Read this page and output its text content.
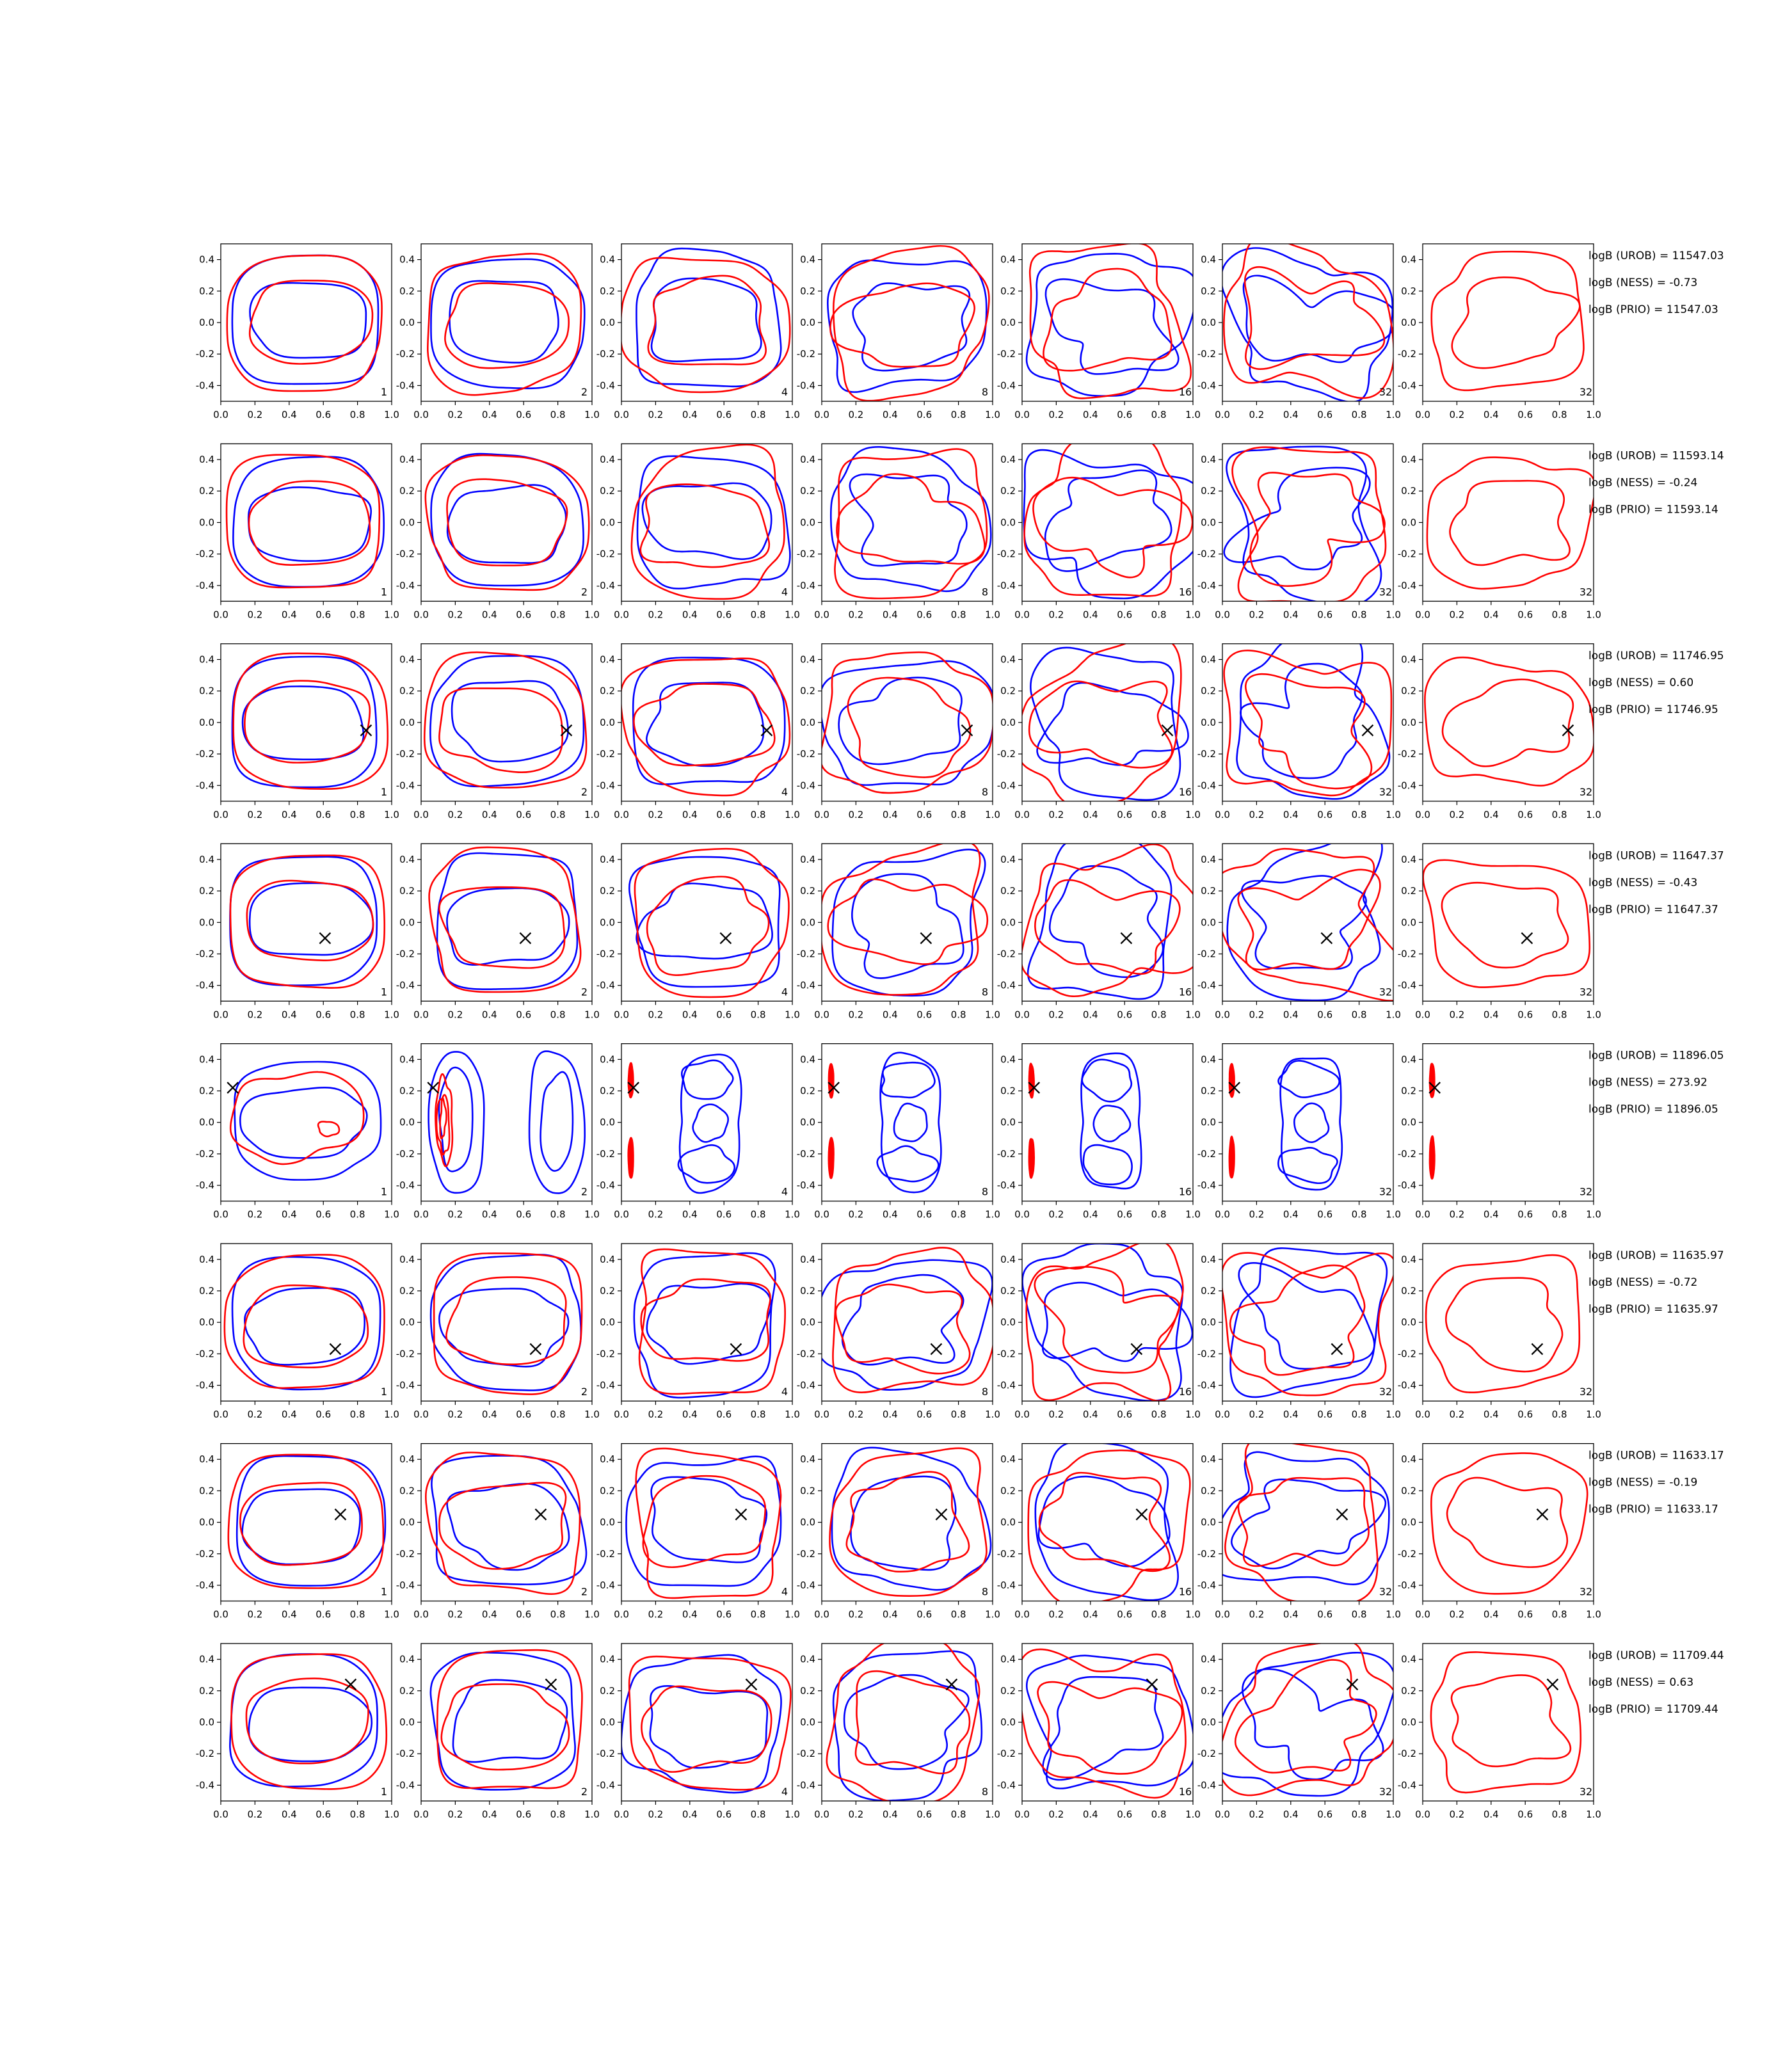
0.0 0.2 0.4 0.6 0.8 1.0
0.4
0.2
0.0
-0.2
-0.4
1
0.0 0.2 0.4 0.6 0.8 1.0
0.4
0.2
0.0
-0.2
-0.4
2
0.0 0.2 0.4 0.6 0.8 1.0
0.4
0.2
0.0
-0.2
-0.4
4
0.0 0.2 0.4 0.6 0.8 1.0
0.4
0.2
0.0
-0.2
-0.4
8
0.0 0.2 0.4 0.6 0.8 1.0
0.4
0.2
0.0
-0.2
-0.4
16
0.0 0.2 0.4 0.6 0.8 1.0
0.4
0.2
0.0
-0.2
-0.4
32
0.0 0.2 0.4 0.6 0.8 1.0
0.4
0.2
0.0
-0.2
-0.4
32
logB (UROB) = 11547.03
logB (NESS) = -0.73
logB (PRIO) = 11547.03
0.0 0.2 0.4 0.6 0.8 1.0
0.4
0.2
0.0
-0.2
-0.4
1
0.0 0.2 0.4 0.6 0.8 1.0
0.4
0.2
0.0
-0.2
-0.4
2
0.0 0.2 0.4 0.6 0.8 1.0
0.4
0.2
0.0
-0.2
-0.4
4
0.0 0.2 0.4 0.6 0.8 1.0
0.4
0.2
0.0
-0.2
-0.4
8
0.0 0.2 0.4 0.6 0.8 1.0
0.4
0.2
0.0
-0.2
-0.4
16
0.0 0.2 0.4 0.6 0.8 1.0
0.4
0.2
0.0
-0.2
-0.4
32
0.0 0.2 0.4 0.6 0.8 1.0
0.4
0.2
0.0
-0.2
-0.4
32
logB (UROB) = 11593.14
logB (NESS) = -0.24
logB (PRIO) = 11593.14
0.0 0.2 0.4 0.6 0.8 1.0
0.4
0.2
0.0
-0.2
-0.4
1
0.0 0.2 0.4 0.6 0.8 1.0
0.4
0.2
0.0
-0.2
-0.4
2
0.0 0.2 0.4 0.6 0.8 1.0
0.4
0.2
0.0
-0.2
-0.4
4
0.0 0.2 0.4 0.6 0.8 1.0
0.4
0.2
0.0
-0.2
-0.4
8
0.0 0.2 0.4 0.6 0.8 1.0
0.4
0.2
0.0
-0.2
-0.4
16
0.0 0.2 0.4 0.6 0.8 1.0
0.4
0.2
0.0
-0.2
-0.4
32
0.0 0.2 0.4 0.6 0.8 1.0
0.4
0.2
0.0
-0.2
-0.4
32
logB (UROB) = 11746.95
logB (NESS) = 0.60
logB (PRIO) = 11746.95
0.0 0.2 0.4 0.6 0.8 1.0
0.4
0.2
0.0
-0.2
-0.4
1
0.0 0.2 0.4 0.6 0.8 1.0
0.4
0.2
0.0
-0.2
-0.4
2
0.0 0.2 0.4 0.6 0.8 1.0
0.4
0.2
0.0
-0.2
-0.4
4
0.0 0.2 0.4 0.6 0.8 1.0
0.4
0.2
0.0
-0.2
-0.4
8
0.0 0.2 0.4 0.6 0.8 1.0
0.4
0.2
0.0
-0.2
-0.4
16
0.0 0.2 0.4 0.6 0.8 1.0
0.4
0.2
0.0
-0.2
-0.4
32
0.0 0.2 0.4 0.6 0.8 1.0
0.4
0.2
0.0
-0.2
-0.4
32
logB (UROB) = 11647.37
logB (NESS) = -0.43
logB (PRIO) = 11647.37
0.0 0.2 0.4 0.6 0.8 1.0
0.4
0.2
0.0
-0.2
-0.4
1
0.0 0.2 0.4 0.6 0.8 1.0
0.4
0.2
0.0
-0.2
-0.4
2
0.0 0.2 0.4 0.6 0.8 1.0
0.4
0.2
0.0
-0.2
-0.4
4
0.0 0.2 0.4 0.6 0.8 1.0
0.4
0.2
0.0
-0.2
-0.4
8
0.0 0.2 0.4 0.6 0.8 1.0
0.4
0.2
0.0
-0.2
-0.4
16
0.0 0.2 0.4 0.6 0.8 1.0
0.4
0.2
0.0
-0.2
-0.4
32
0.0 0.2 0.4 0.6 0.8 1.0
0.4
0.2
0.0
-0.2
-0.4
32
logB (UROB) = 11896.05
logB (NESS) = 273.92
logB (PRIO) = 11896.05
0.0 0.2 0.4 0.6 0.8 1.0
0.4
0.2
0.0
-0.2
-0.4
1
0.0 0.2 0.4 0.6 0.8 1.0
0.4
0.2
0.0
-0.2
-0.4
2
0.0 0.2 0.4 0.6 0.8 1.0
0.4
0.2
0.0
-0.2
-0.4
4
0.0 0.2 0.4 0.6 0.8 1.0
0.4
0.2
0.0
-0.2
-0.4
8
0.0 0.2 0.4 0.6 0.8 1.0
0.4
0.2
0.0
-0.2
-0.4
16
0.0 0.2 0.4 0.6 0.8 1.0
0.4
0.2
0.0
-0.2
-0.4
32
0.0 0.2 0.4 0.6 0.8 1.0
0.4
0.2
0.0
-0.2
-0.4
32
logB (UROB) = 11635.97
logB (NESS) = -0.72
logB (PRIO) = 11635.97
0.0 0.2 0.4 0.6 0.8 1.0
0.4
0.2
0.0
-0.2
-0.4
1
0.0 0.2 0.4 0.6 0.8 1.0
0.4
0.2
0.0
-0.2
-0.4
2
0.0 0.2 0.4 0.6 0.8 1.0
0.4
0.2
0.0
-0.2
-0.4
4
0.0 0.2 0.4 0.6 0.8 1.0
0.4
0.2
0.0
-0.2
-0.4
8
0.0 0.2 0.4 0.6 0.8 1.0
0.4
0.2
0.0
-0.2
-0.4
16
0.0 0.2 0.4 0.6 0.8 1.0
0.4
0.2
0.0
-0.2
-0.4
32
0.0 0.2 0.4 0.6 0.8 1.0
0.4
0.2
0.0
-0.2
-0.4
32
logB (UROB) = 11633.17
logB (NESS) = -0.19
logB (PRIO) = 11633.17
0.0 0.2 0.4 0.6 0.8 1.0
0.4
0.2
0.0
-0.2
-0.4
1
0.0 0.2 0.4 0.6 0.8 1.0
0.4
0.2
0.0
-0.2
-0.4
2
0.0 0.2 0.4 0.6 0.8 1.0
0.4
0.2
0.0
-0.2
-0.4
4
0.0 0.2 0.4 0.6 0.8 1.0
0.4
0.2
0.0
-0.2
-0.4
8
0.0 0.2 0.4 0.6 0.8 1.0
0.4
0.2
0.0
-0.2
-0.4
16
0.0 0.2 0.4 0.6 0.8 1.0
0.4
0.2
0.0
-0.2
-0.4
32
0.0 0.2 0.4 0.6 0.8 1.0
0.4
0.2
0.0
-0.2
-0.4
32
logB (UROB) = 11709.44
logB (NESS) = 0.63
logB (PRIO) = 11709.44
